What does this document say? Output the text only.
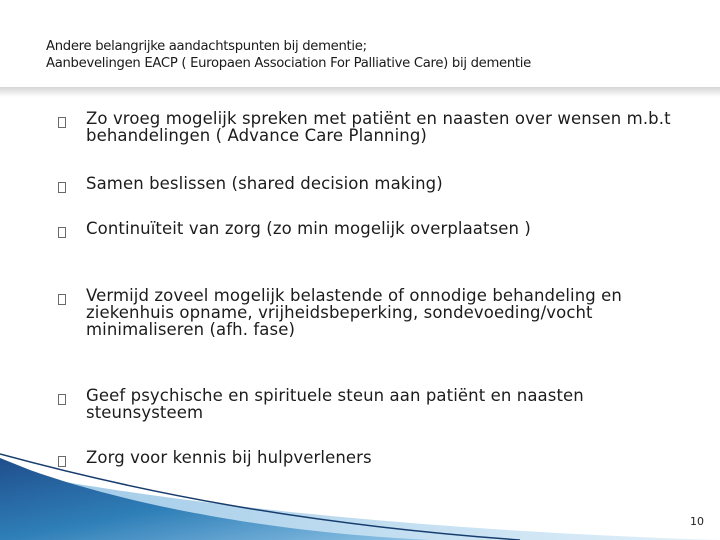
Andere belangrijke aandachtspunten bij dementie;
Aanbevelingen EACP ( Europaen Association For Palliative Care) bij dementie
Zo vroeg mogelijk spreken met patiënt en naasten over wensen m.b.t behandelingen ( Advance Care Planning)
Samen beslissen (shared decision making)
Continuïteit van zorg (zo min mogelijk overplaatsen )
Vermijd zoveel mogelijk belastende of onnodige behandeling en ziekenhuis opname, vrijheidsbeperking, sondevoeding/vocht minimaliseren (afh. fase)
Geef psychische en spirituele steun aan patiënt en naasten steunsysteem
Zorg voor kennis bij hulpverleners
10
